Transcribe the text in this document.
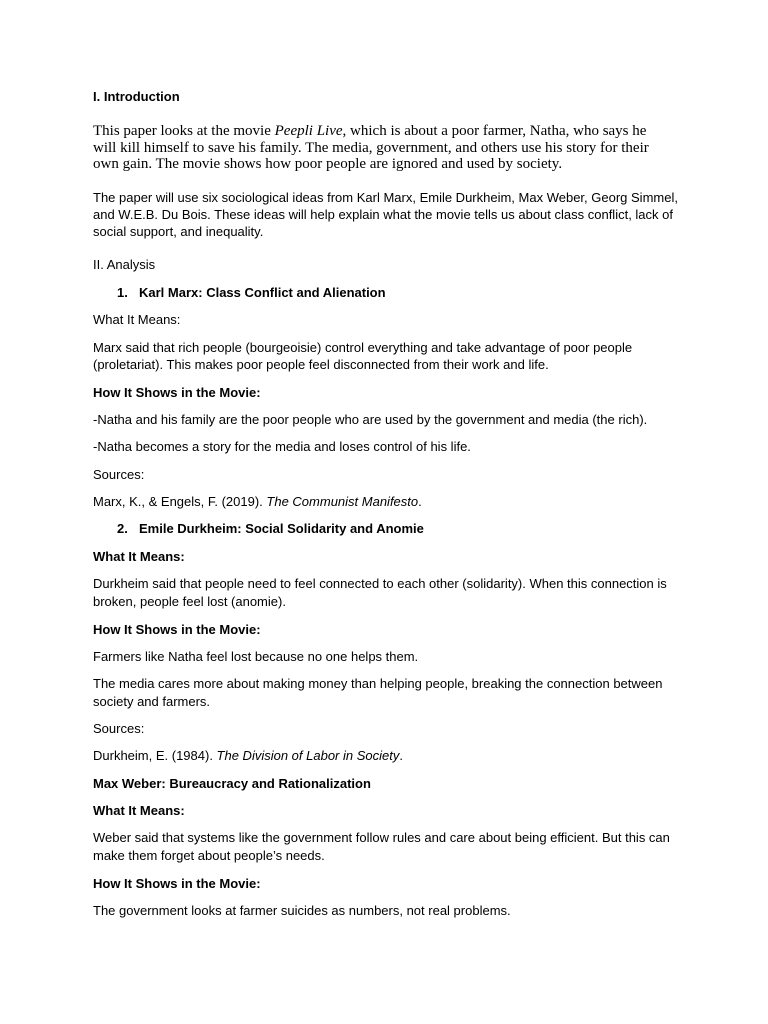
I. Introduction

This paper looks at the movie Peepli Live, which is about a poor farmer, Natha, who says he

will kill himself to save his family. The media, government, and others use his story for their

own gain. The movie shows how poor people are ignored and used by society.

The paper will use six sociological ideas from Karl Marx, Emile Durkheim, Max Weber, Georg Simmel,

and W.E.B. Du Bois. These ideas will help explain what the movie tells us about class conflict, lack of

social support, and inequality.

II. Analysis

1. Karl Marx: Class Conflict and Alienation

What It Means:

Marx said that rich people (bourgeoisie) control everything and take advantage of poor people

(proletariat). This makes poor people feel disconnected from their work and life.

How It Shows in the Movie:

-Natha and his family are the poor people who are used by the government and media (the rich).

-Natha becomes a story for the media and loses control of his life.

Sources:

Marx, K., & Engels, F. (2019). The Communist Manifesto.

2. Emile Durkheim: Social Solidarity and Anomie

What It Means:

Durkheim said that people need to feel connected to each other (solidarity). When this connection is

broken, people feel lost (anomie).

How It Shows in the Movie:

Farmers like Natha feel lost because no one helps them.

The media cares more about making money than helping people, breaking the connection between

society and farmers.

Sources:

Durkheim, E. (1984). The Division of Labor in Society.

Max Weber: Bureaucracy and Rationalization

What It Means:

Weber said that systems like the government follow rules and care about being efficient. But this can

make them forget about people’s needs.

How It Shows in the Movie:

The government looks at farmer suicides as numbers, not real problems.
